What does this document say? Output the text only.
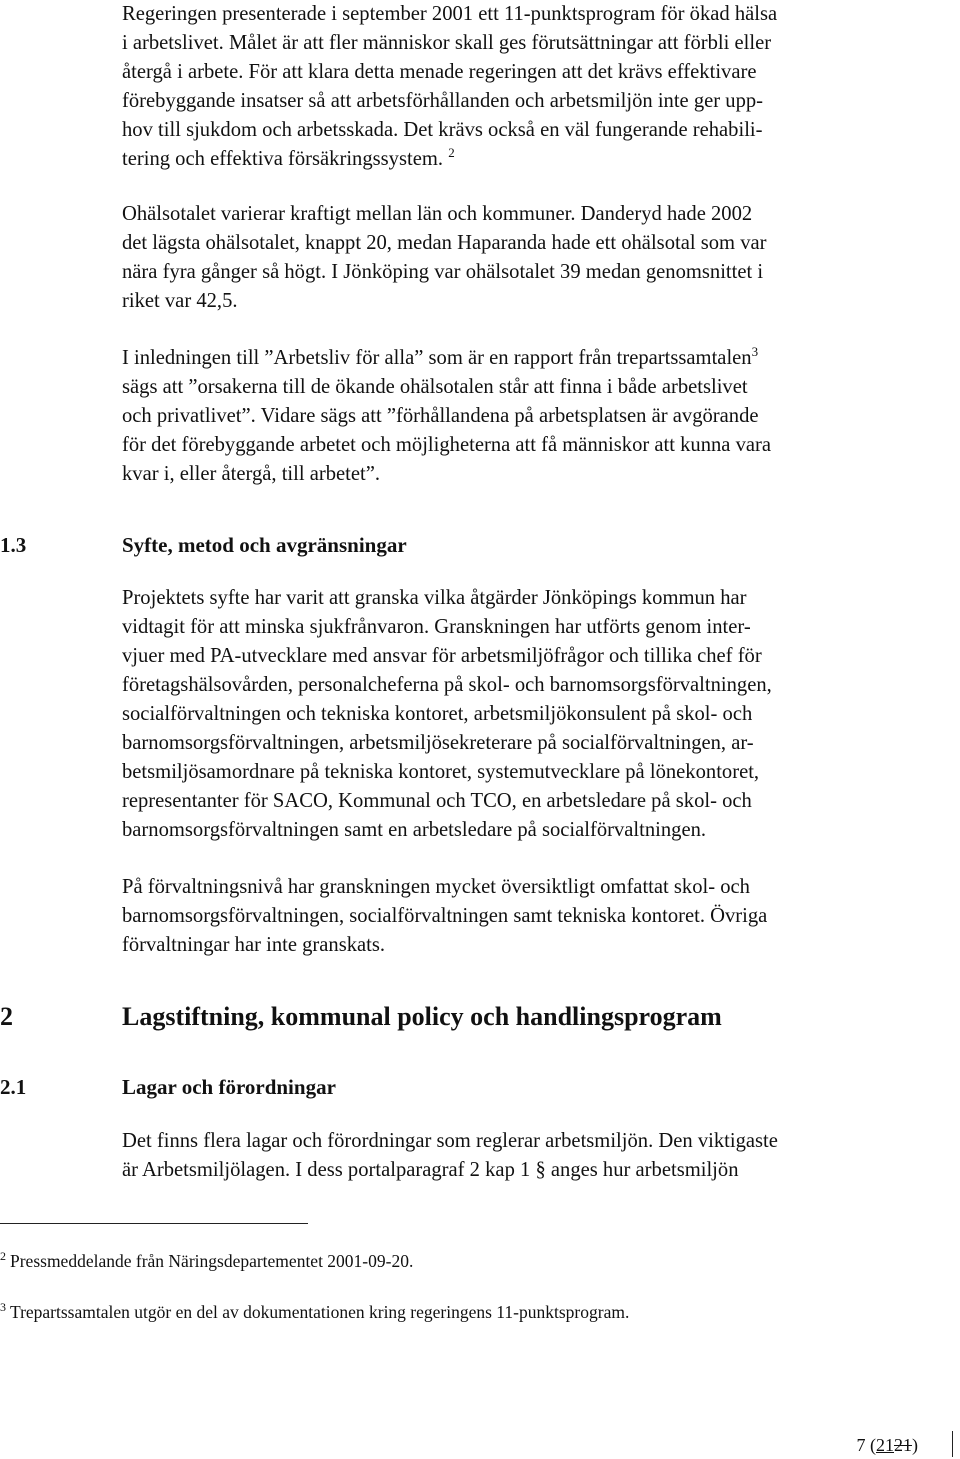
Regeringen presenterade i september 2001 ett 11-punktsprogram för ökad hälsa
i arbetslivet. Målet är att fler människor skall ges förutsättningar att förbli eller
återgå i arbete. För att klara detta menade regeringen att det krävs effektivare
förebyggande insatser så att arbetsförhållanden och arbetsmiljön inte ger upp-
hov till sjukdom och arbetsskada. Det krävs också en väl fungerande rehabili-
tering och effektiva försäkringssystem. $^2$
Ohälsotalet varierar kraftigt mellan län och kommuner. Danderyd hade 2002
det lägsta ohälsotalet, knappt 20, medan Haparanda hade ett ohälsotal som var
nära fyra gånger så högt. I Jönköping var ohälsotalet 39 medan genomsnittet i
riket var 42,5.
I inledningen till ”Arbetsliv för alla” som är en rapport från trepartssamtalen$^3$
sägs att ”orsakerna till de ökande ohälsotalen står att finna i både arbetslivet
och privatlivet”. Vidare sägs att ”förhållandena på arbetsplatsen är avgörande
för det förebyggande arbetet och möjligheterna att få människor att kunna vara
kvar i, eller återgå, till arbetet”.
1.3	Syfte, metod och avgränsningar
Projektets syfte har varit att granska vilka åtgärder Jönköpings kommun har
vidtagit för att minska sjukfrånvaron. Granskningen har utförts genom inter-
vjuer med PA-utvecklare med ansvar för arbetsmiljöfrågor och tillika chef för
företagshälsovården, personalcheferna på skol- och barnomsorgsförvaltningen,
socialförvaltningen och tekniska kontoret, arbetsmiljökonsulent på skol- och
barnomsorgsförvaltningen, arbetsmiljösekreterare på socialförvaltningen, ar-
betsmiljösamordnare på tekniska kontoret, systemutvecklare på lönekontoret,
representanter för SACO, Kommunal och TCO, en arbetsledare på skol- och
barnomsorgsförvaltningen samt en arbetsledare på socialförvaltningen.
På förvaltningsnivå har granskningen mycket översiktligt omfattat skol- och
barnomsorgsförvaltningen, socialförvaltningen samt tekniska kontoret. Övriga
förvaltningar har inte granskats.
2	Lagstiftning, kommunal policy och handlingsprogram
2.1	Lagar och förordningar
Det finns flera lagar och förordningar som reglerar arbetsmiljön. Den viktigaste
är Arbetsmiljölagen. I dess portalparagraf 2 kap 1 § anges hur arbetsmiljön
$^2$ Pressmeddelande från Näringsdepartementet 2001-09-20.
$^3$ Trepartssamtalen utgör en del av dokumentationen kring regeringens 11-punktsprogram.
7 (2121)
